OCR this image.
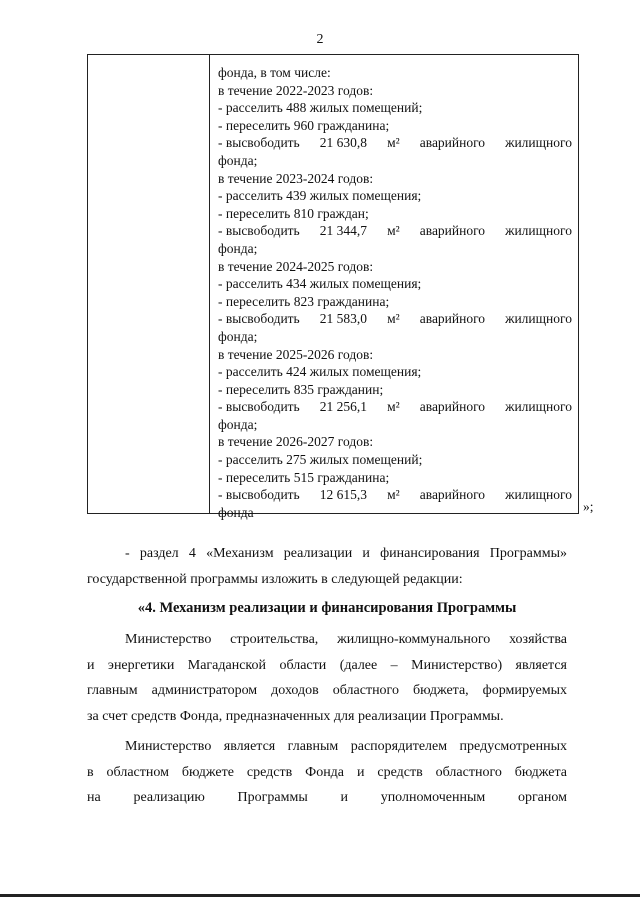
2
фонда, в том числе:
в течение 2022-2023 годов:
- расселить 488 жилых помещений;
- переселить 960 гражданина;
- высвободить 21 630,8 м² аварийного жилищного
фонда;
в течение 2023-2024 годов:
- расселить 439 жилых помещения;
- переселить 810 граждан;
- высвободить 21 344,7 м² аварийного жилищного
фонда;
в течение 2024-2025 годов:
- расселить 434 жилых помещения;
- переселить 823 гражданина;
- высвободить 21 583,0 м² аварийного жилищного
фонда;
в течение 2025-2026 годов:
- расселить 424 жилых помещения;
- переселить 835 гражданин;
- высвободить 21 256,1 м² аварийного жилищного
фонда;
в течение 2026-2027 годов:
- расселить 275 жилых помещений;
- переселить 515 гражданина;
- высвободить 12 615,3 м² аварийного жилищного
фонда	»;
- раздел 4 «Механизм реализации и финансирования Программы»
государственной программы изложить в следующей редакции:
«4. Механизм реализации и финансирования Программы
Министерство строительства, жилищно-коммунального хозяйства
и энергетики Магаданской области (далее – Министерство) является
главным администратором доходов областного бюджета, формируемых
за счет средств Фонда, предназначенных для реализации Программы.
Министерство является главным распорядителем предусмотренных
в областном бюджете средств Фонда и средств областного бюджета
на реализацию Программы и уполномоченным органом
